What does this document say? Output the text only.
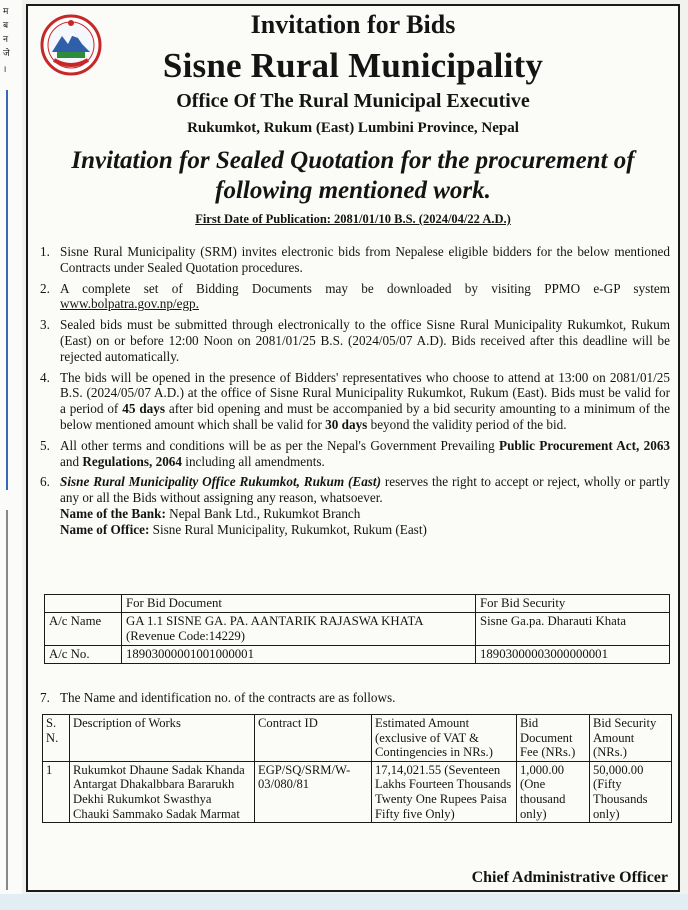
म
ब
न
जे
।
Invitation for Bids
Sisne Rural Municipality
Office Of The Rural Municipal Executive
Rukumkot, Rukum (East) Lumbini Province, Nepal
Invitation for Sealed Quotation for the procurement of
following mentioned work.
First Date of Publication: 2081/01/10 B.S. (2024/04/22 A.D.)
1. Sisne Rural Municipality (SRM) invites electronic bids from Nepalese eligible bidders for the below mentioned Contracts under Sealed Quotation procedures.
2. A complete set of Bidding Documents may be downloaded by visiting PPMO e-GP system www.bolpatra.gov.np/egp.
3. Sealed bids must be submitted through electronically to the office Sisne Rural Municipality Rukumkot, Rukum (East) on or before 12:00 Noon on 2081/01/25 B.S. (2024/05/07 A.D). Bids received after this deadline will be rejected automatically.
4. The bids will be opened in the presence of Bidders' representatives who choose to attend at 13:00 on 2081/01/25 B.S. (2024/05/07 A.D.) at the office of Sisne Rural Municipality Rukumkot, Rukum (East). Bids must be valid for a period of 45 days after bid opening and must be accompanied by a bid security amounting to a minimum of the below mentioned amount which shall be valid for 30 days beyond the validity period of the bid.
5. All other terms and conditions will be as per the Nepal's Government Prevailing Public Procurement Act, 2063 and Regulations, 2064 including all amendments.
6. Sisne Rural Municipality Office Rukumkot, Rukum (East) reserves the right to accept or reject, wholly or partly any or all the Bids without assigning any reason, whatsoever.
Name of the Bank: Nepal Bank Ltd., Rukumkot Branch
Name of Office: Sisne Rural Municipality, Rukumkot, Rukum (East)
	For Bid Document	For Bid Security
A/c Name	GA 1.1 SISNE GA. PA. AANTARIK RAJASWA KHATA (Revenue Code:14229)	Sisne Ga.pa. Dharauti Khata
A/c No.	18903000001001000001	18903000003000000001
7. The Name and identification no. of the contracts are as follows.
S. N.	Description of Works	Contract ID	Estimated Amount (exclusive of VAT & Contingencies in NRs.)	Bid Document Fee (NRs.)	Bid Security Amount (NRs.)
1	Rukumkot Dhaune Sadak Khanda Antargat Dhakalbbara Bararukh Dekhi Rukumkot Swasthya Chauki Sammako Sadak Marmat	EGP/SQ/SRM/W-03/080/81	17,14,021.55 (Seventeen Lakhs Fourteen Thousands Twenty One Rupees Paisa Fifty five Only)	1,000.00 (One thousand only)	50,000.00 (Fifty Thousands only)
Chief Administrative Officer
